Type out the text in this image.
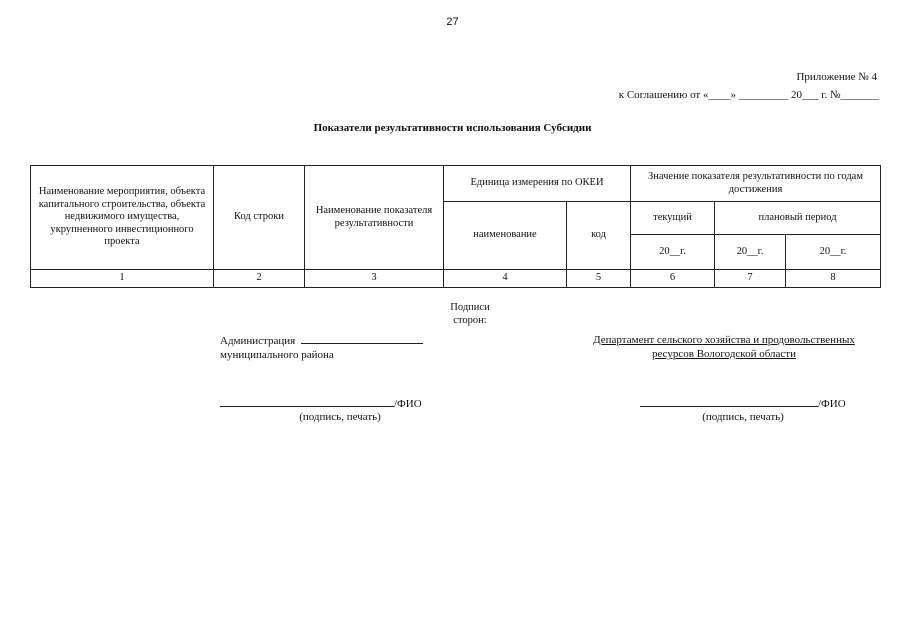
27
Приложение № 4
к Соглашению от «____» _________ 20___ г. №_______
Показатели результативности использования Субсидии
Наименование мероприятия, объекта капитального строительства, объекта недвижимого имущества, укрупненного инвестиционного проекта	Код строки	Наименование показателя результативности	Единица измерения по ОКЕИ		Значение показателя результативности по годам достижения		
			наименование	код	текущий	плановый период	
					20__г.	20__г.	20__г.
1	2	3	4	5	6	7	8
Подписи сторон:
Администрация
муниципального района
Департамент сельского хозяйства и продовольственных ресурсов Вологодской области
/ФИО	/ФИО
(подпись, печать)	(подпись, печать)
